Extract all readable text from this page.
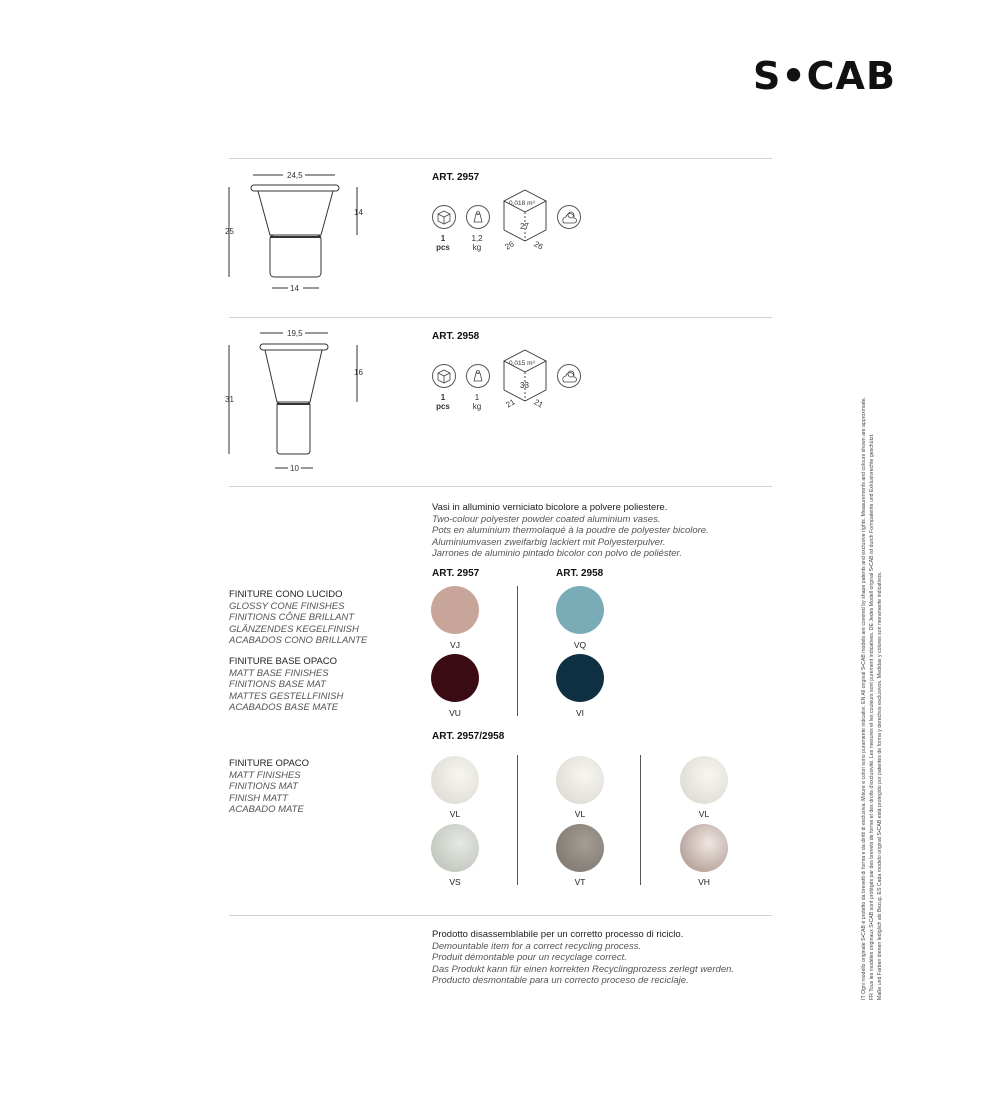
S•CAB
24,5
25
14
14
ART. 2957
1
pcs
1,2
kg
0,018 m³
27
26 26
19,5
31
16
10
ART. 2958
1
pcs
1
kg
0,015 m³
33
21 21
Vasi in alluminio verniciato bicolore a polvere poliestere.
Two-colour polyester powder coated aluminium vases.
Pots en aluminium thermolaqué à la poudre de polyester bicolore.
Aluminiumvasen zweifarbig lackiert mit Polyesterpulver.
Jarrones de aluminio pintado bicolor con polvo de poliéster.
ART. 2957	ART. 2958
FINITURE CONO LUCIDO
GLOSSY CONE FINISHES
FINITIONS CÔNE BRILLANT
GLÄNZENDES KEGELFINISH
ACABADOS CONO BRILLANTE
FINITURE BASE OPACO
MATT BASE FINISHES
FINITIONS BASE MAT
MATTES GESTELLFINISH
ACABADOS BASE MATE
VJ	VQ
VU	VI
ART. 2957/2958
FINITURE OPACO
MATT FINISHES
FINITIONS MAT
FINISH MATT
ACABADO MATE	VL	VL	VL
VS	VT	VH
Prodotto disassemblabile per un corretto processo di riciclo.
Demountable item for a correct recycling process.
Produit démontable pour un recyclage correct.
Das Produkt kann für einen korrekten Recyclingprozess zerlegt werden.
Producto desmontable para un correcto proceso de reciclaje.	IT Ogni modello originale S•CAB è protetto da brevetti di forma e da diritti di esclusiva. Misure e colori sono puramente indicativi. EN All original S•CAB models are covered by shape patents and exclusive rights. Measurements and colours shown are approximate. FR Tous les modèles originaux S•CAB sont protégés par des brevets de forme et des droits d'exclusivité. Les mesures et les couleurs sont purement indicatives. DE Jedes Modell original S•CAB ist durch Formpatente und Exklusivrechte geschützt. Maße und Farben dienen lediglich als Bezug. ES Cada modelo original S•CAB está protegido por patentes de forma y derechos exclusivos. Medidas y colores son meramente indicativos.
